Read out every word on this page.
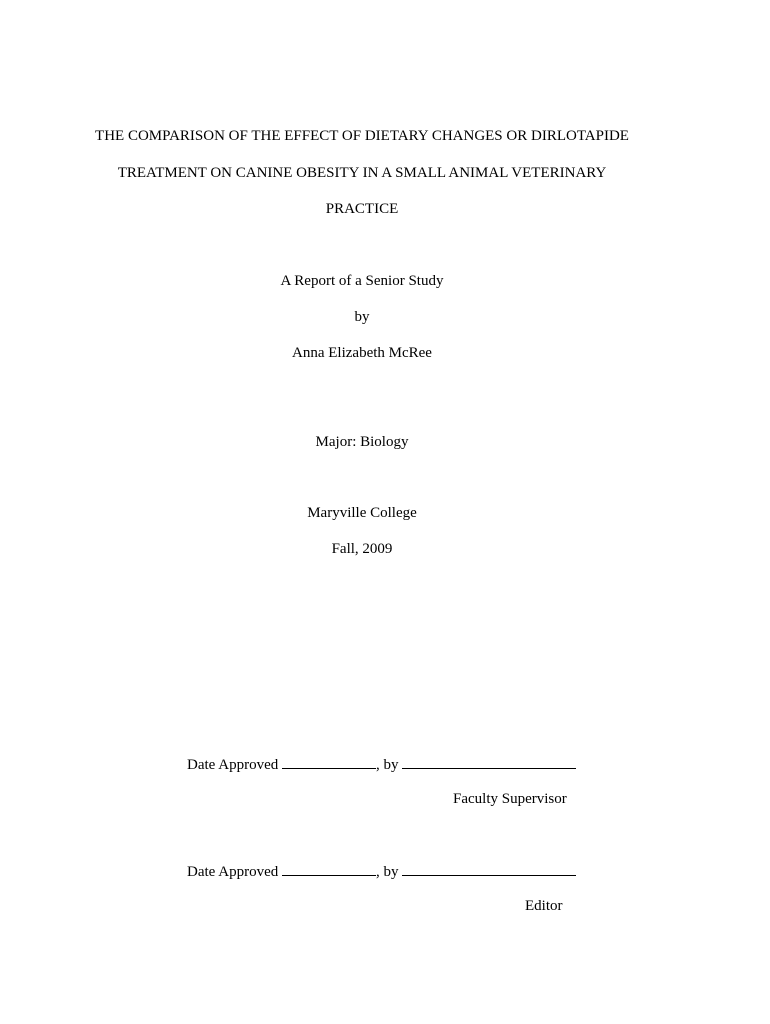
THE COMPARISON OF THE EFFECT OF DIETARY CHANGES OR DIRLOTAPIDE
TREATMENT ON CANINE OBESITY IN A SMALL ANIMAL VETERINARY
PRACTICE
A Report of a Senior Study
by
Anna Elizabeth McRee
Major: Biology
Maryville College
Fall, 2009
Date Approved	, by
Faculty Supervisor
Date Approved	, by
Editor
